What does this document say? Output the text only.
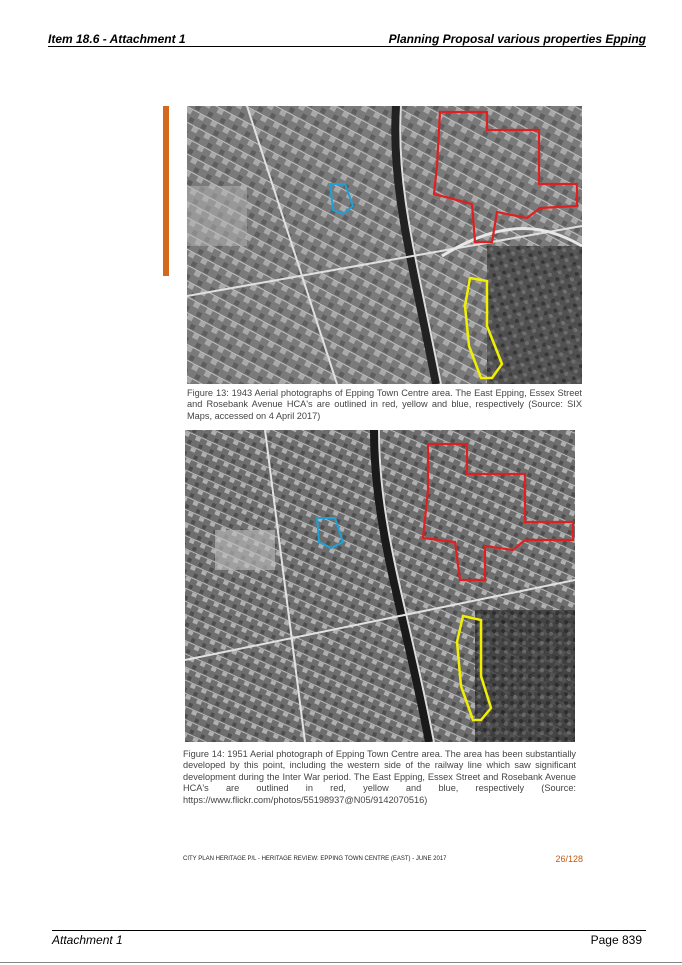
Item 18.6 - Attachment 1	Planning Proposal various properties Epping
Figure 13: 1943 Aerial photographs of Epping Town Centre area. The East Epping, Essex Street and Rosebank Avenue HCA's are outlined in red, yellow and blue, respectively (Source: SIX Maps, accessed on 4 April 2017)
Figure 14: 1951 Aerial photograph of Epping Town Centre area. The area has been substantially developed by this point, including the western side of the railway line which saw significant development during the Inter War period. The East Epping, Essex Street and Rosebank Avenue HCA's are outlined in red, yellow and blue, respectively (Source: https://www.flickr.com/photos/55198937@N05/9142070516)
CITY PLAN HERITAGE P/L - HERITAGE REVIEW: EPPING TOWN CENTRE (EAST) - JUNE 2017	26/128
Attachment 1	Page 839
